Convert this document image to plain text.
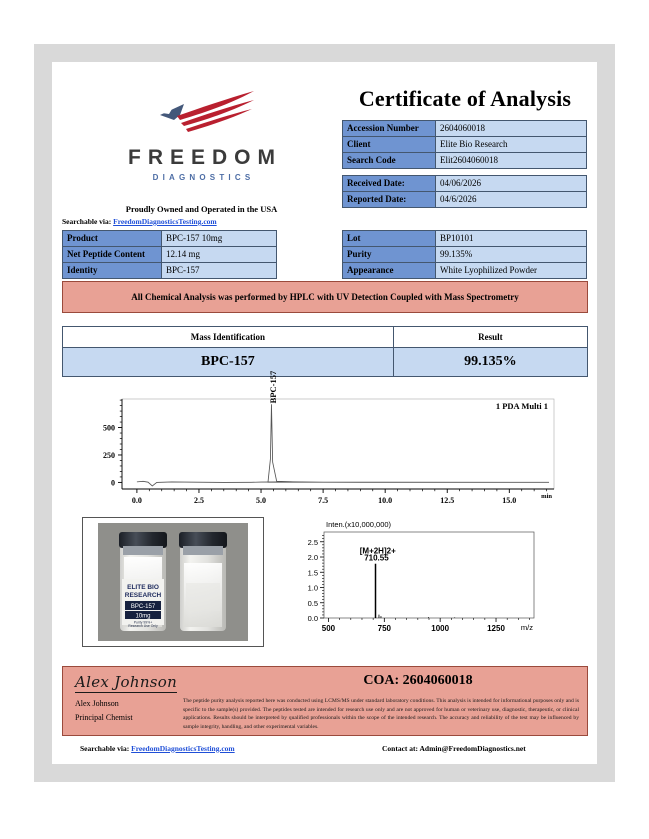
FREEDOM
DIAGNOSTICS
Proudly Owned and Operated in the USA
Certificate of Analysis
Accession Number	2604060018
Client	Elite Bio Research
Search Code	Elit2604060018
Received Date:	04/06/2026
Reported Date:	04/6/2026
Searchable via: FreedomDiagnosticsTesting.com
Product	BPC-157 10mg
Net Peptide Content	12.14 mg
Identity	BPC-157
Lot	BP10101
Purity	99.135%
Appearance	White Lyophilized Powder
All Chemical Analysis was performed by HPLC with UV Detection Coupled with Mass Spectrometry
Mass Identification	Result
BPC-157	99.135%
0
250
500
0.0	2.5	5.0	7.5	10.0	12.5	15.0	min
1 PDA Multi 1
BPC-157
ELITE BIO
RESEARCH
BPC-157
10mg
Purity 99%+
Research Use Only
Inten.(x10,000,000)
0.0
0.5
1.0
1.5
2.0
2.5
500	750	1000	1250 m/z
[M+2H]2+
710.55
Alex Johnson
Alex Johnson
Principal Chemist
COA: 2604060018
The peptide purity analysis reported here was conducted using LCMS/MS under standard laboratory conditions. This analysis is intended for informational purposes only and is specific to the sample(s) provided. The peptides tested are intended for research use only and are not approved for human or veterinary use, diagnostic, therapeutic, or clinical applications. Results should be interpreted by qualified professionals within the scope of the intended research. The accuracy and reliability of the test may be influenced by sample integrity, handling, and other experimental variables.
Searchable via: FreedomDiagnosticsTesting.com	Contact at: Admin@FreedomDiagnostics.net
